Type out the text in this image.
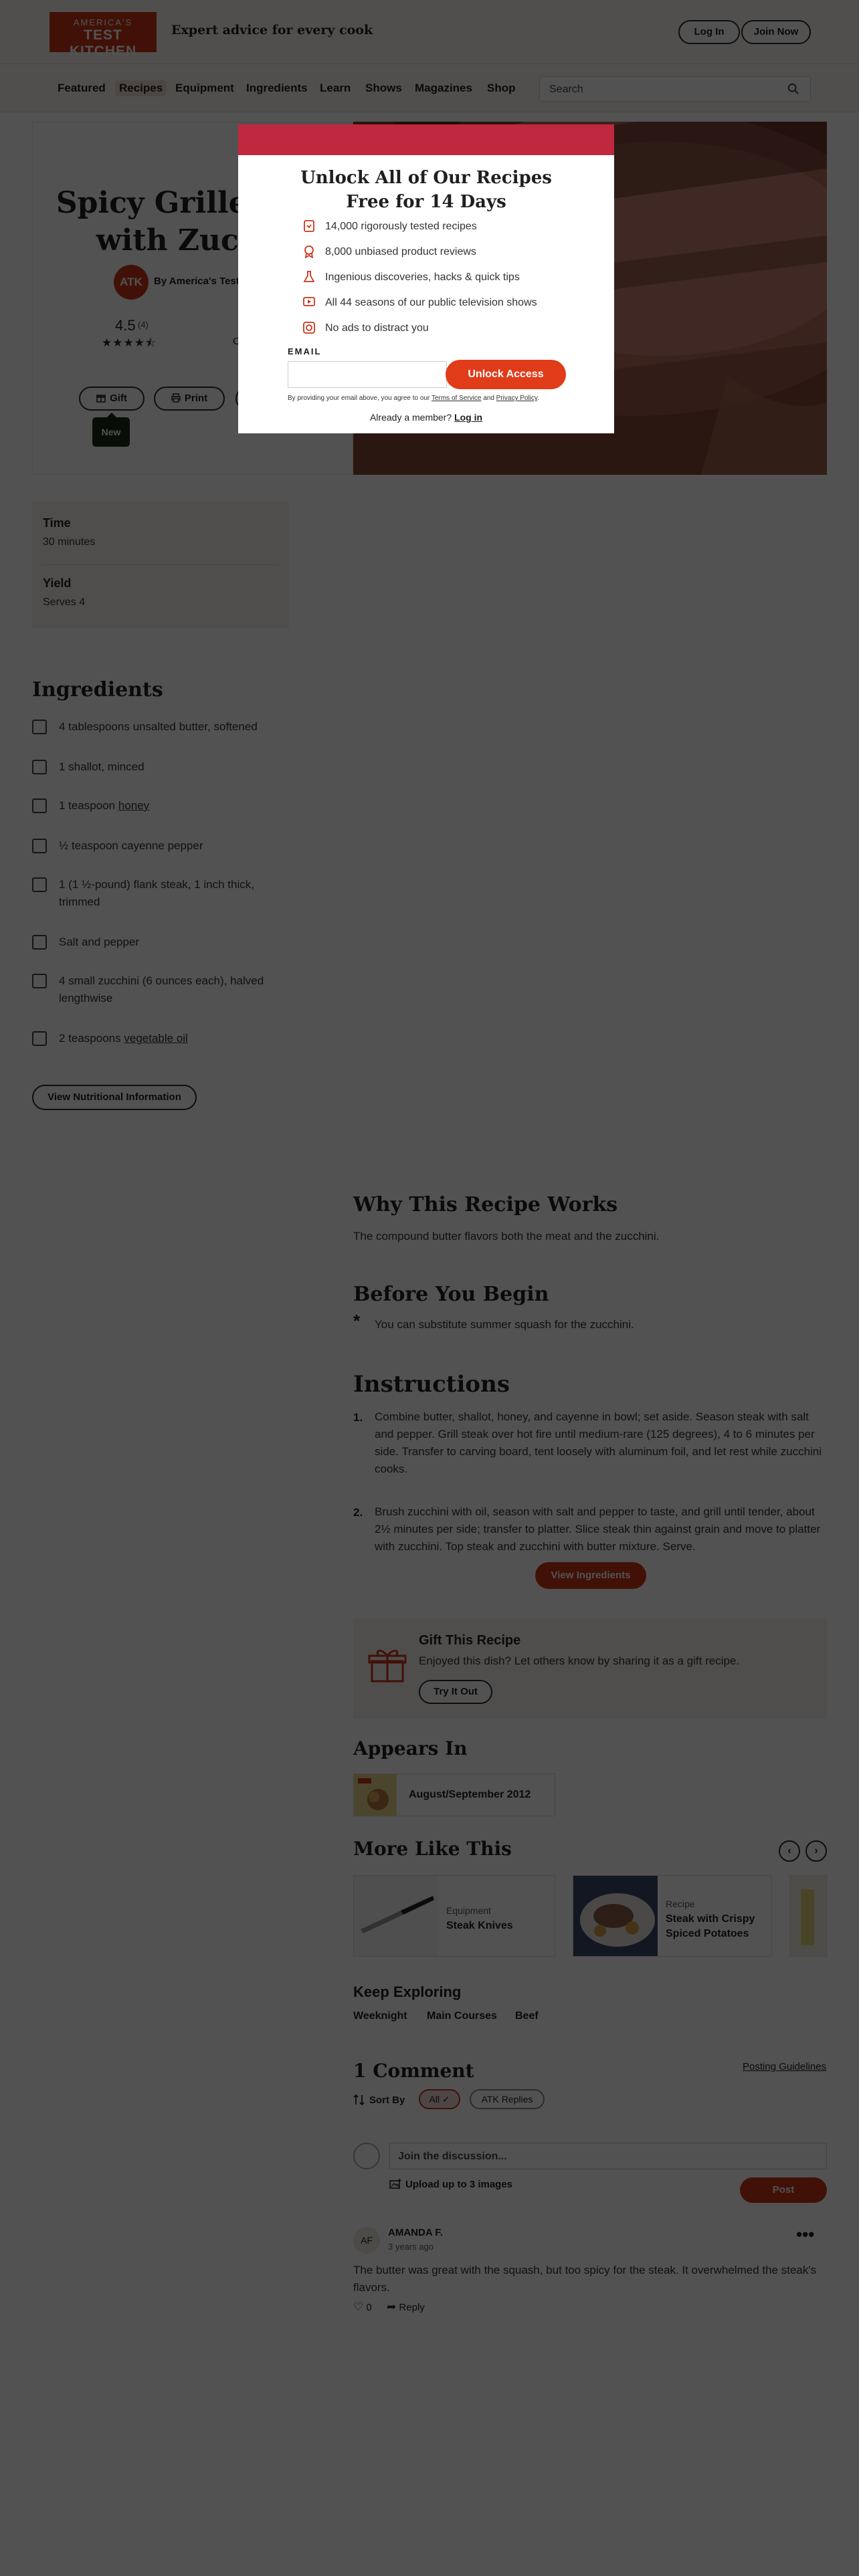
Unlock All of Our Recipes
Free for 14 Days
14,000 rigorously tested recipes
8,000 unbiased product reviews
Ingenious discoveries, hacks & quick tips
All 44 seasons of our public television shows
No ads to distract you
EMAIL
Unlock Access
By providing your email above, you agree to our Terms of Service and Privacy Policy.
Already a member? Log in
